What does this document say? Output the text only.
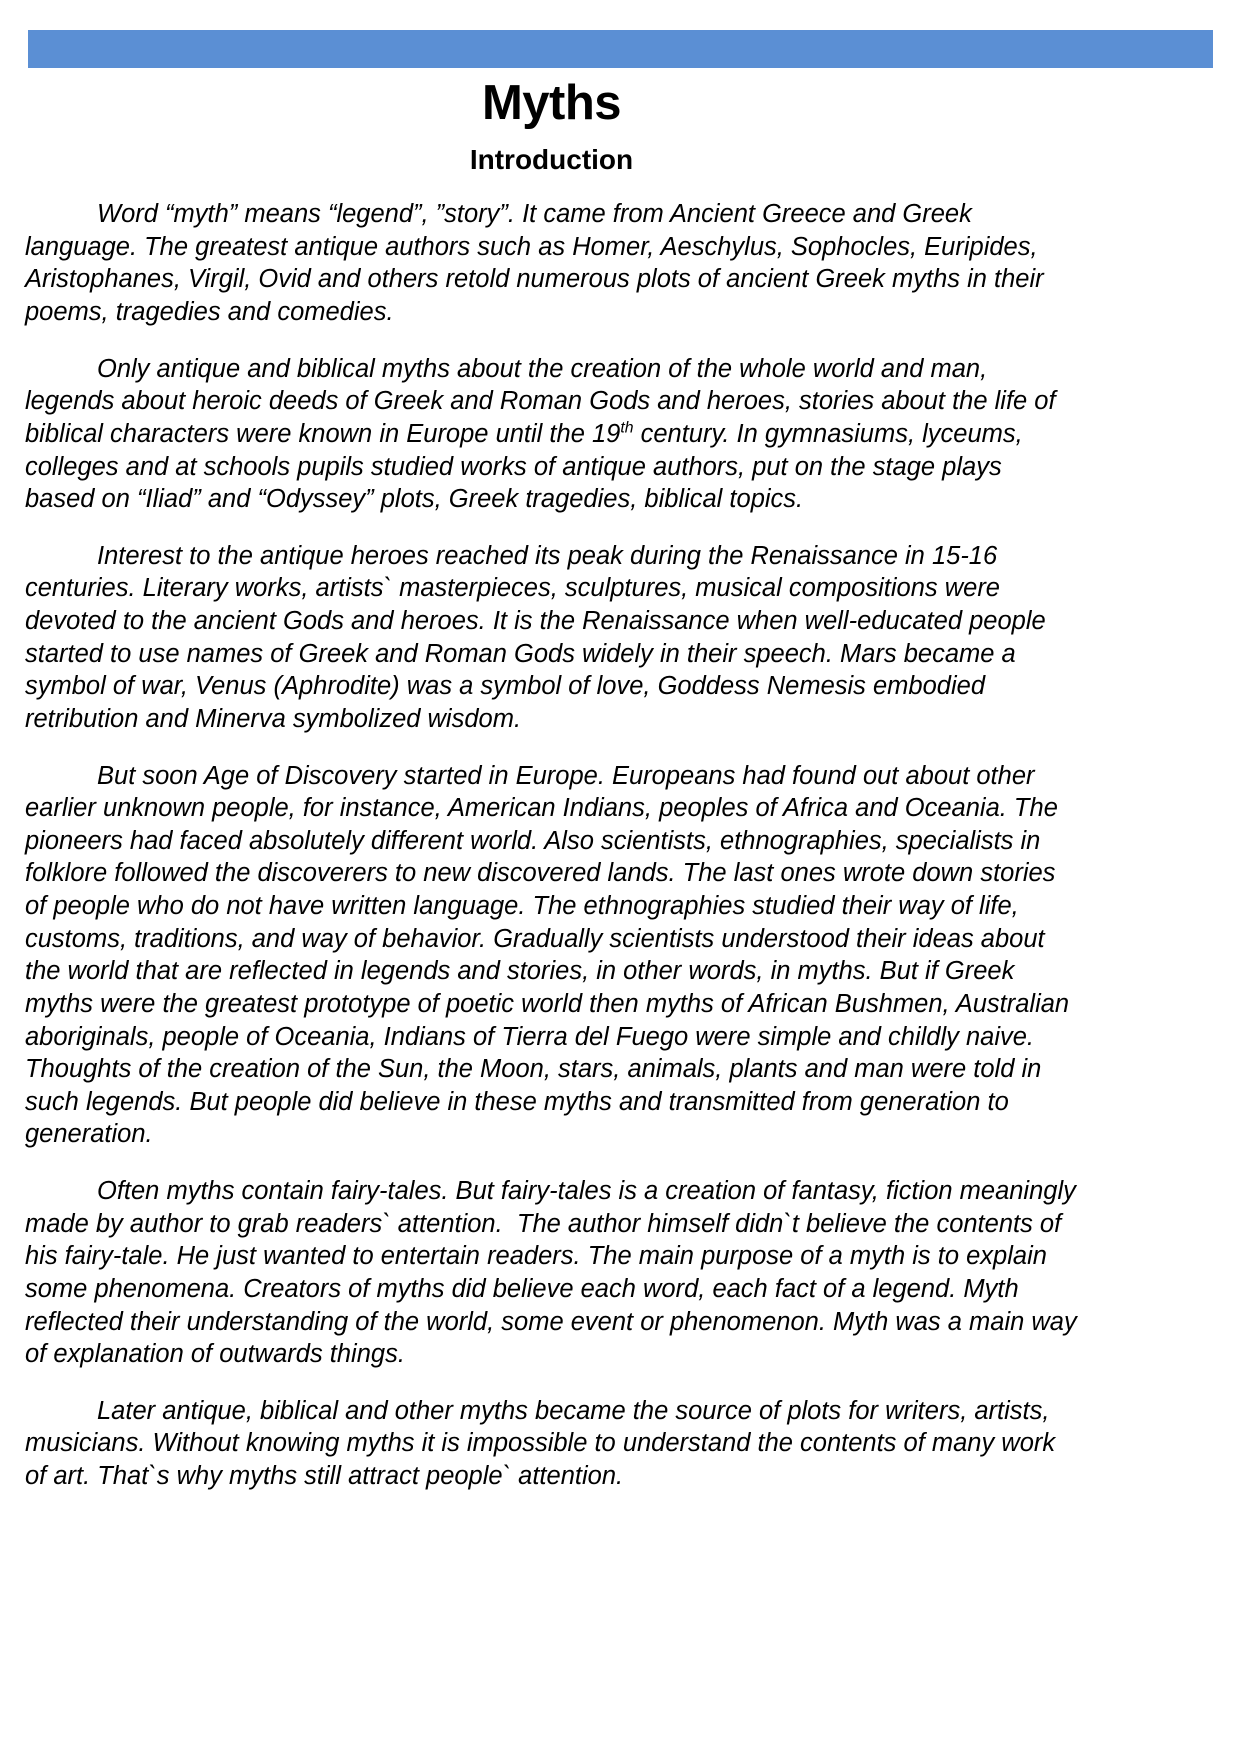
Myths
Introduction

Word “myth” means “legend”, ”story”. It came from Ancient Greece and Greek language. The greatest antique authors such as Homer, Aeschylus, Sophocles, Euripides, Aristophanes, Virgil, Ovid and others retold numerous plots of ancient Greek myths in their poems, tragedies and comedies.

Only antique and biblical myths about the creation of the whole world and man, legends about heroic deeds of Greek and Roman Gods and heroes, stories about the life of biblical characters were known in Europe until the 19th century. In gymnasiums, lyceums, colleges and at schools pupils studied works of antique authors, put on the stage plays based on “Iliad” and “Odyssey” plots, Greek tragedies, biblical topics.

Interest to the antique heroes reached its peak during the Renaissance in 15-16 centuries. Literary works, artists` masterpieces, sculptures, musical compositions were devoted to the ancient Gods and heroes. It is the Renaissance when well-educated people started to use names of Greek and Roman Gods widely in their speech. Mars became a symbol of war, Venus (Aphrodite) was a symbol of love, Goddess Nemesis embodied retribution and Minerva symbolized wisdom.

But soon Age of Discovery started in Europe. Europeans had found out about other earlier unknown people, for instance, American Indians, peoples of Africa and Oceania. The pioneers had faced absolutely different world. Also scientists, ethnographies, specialists in folklore followed the discoverers to new discovered lands. The last ones wrote down stories of people who do not have written language. The ethnographies studied their way of life, customs, traditions, and way of behavior. Gradually scientists understood their ideas about the world that are reflected in legends and stories, in other words, in myths. But if Greek myths were the greatest prototype of poetic world then myths of African Bushmen, Australian aboriginals, people of Oceania, Indians of Tierra del Fuego were simple and childly naive. Thoughts of the creation of the Sun, the Moon, stars, animals, plants and man were told in such legends. But people did believe in these myths and transmitted from generation to generation.

Often myths contain fairy-tales. But fairy-tales is a creation of fantasy, fiction meaningly made by author to grab readers` attention.  The author himself didn`t believe the contents of his fairy-tale. He just wanted to entertain readers. The main purpose of a myth is to explain some phenomena. Creators of myths did believe each word, each fact of a legend. Myth reflected their understanding of the world, some event or phenomenon. Myth was a main way of explanation of outwards things.

Later antique, biblical and other myths became the source of plots for writers, artists, musicians. Without knowing myths it is impossible to understand the contents of many work of art. That`s why myths still attract people` attention.
